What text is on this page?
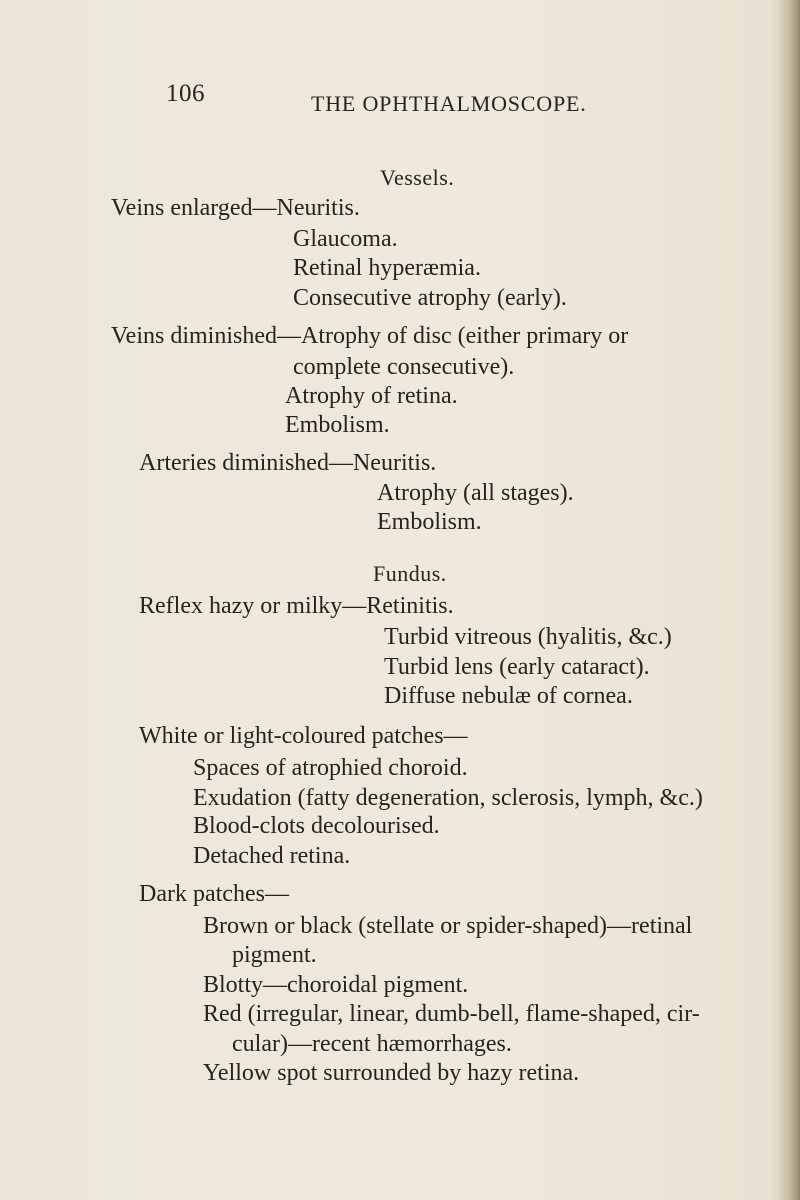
106	THE OPHTHALMOSCOPE.
Vessels.
Veins enlarged—Neuritis.
Glaucoma.
Retinal hyperæmia.
Consecutive atrophy (early).
Veins diminished—Atrophy of disc (either primary or
complete consecutive).
Atrophy of retina.
Embolism.
Arteries diminished—Neuritis.
Atrophy (all stages).
Embolism.
Fundus.
Reflex hazy or milky—Retinitis.
Turbid vitreous (hyalitis, &c.)
Turbid lens (early cataract).
Diffuse nebulæ of cornea.
White or light-coloured patches—
Spaces of atrophied choroid.
Exudation (fatty degeneration, sclerosis, lymph, &c.)
Blood-clots decolourised.
Detached retina.
Dark patches—
Brown or black (stellate or spider-shaped)—retinal
pigment.
Blotty—choroidal pigment.
Red (irregular, linear, dumb-bell, flame-shaped, cir-
cular)—recent hæmorrhages.
Yellow spot surrounded by hazy retina.
